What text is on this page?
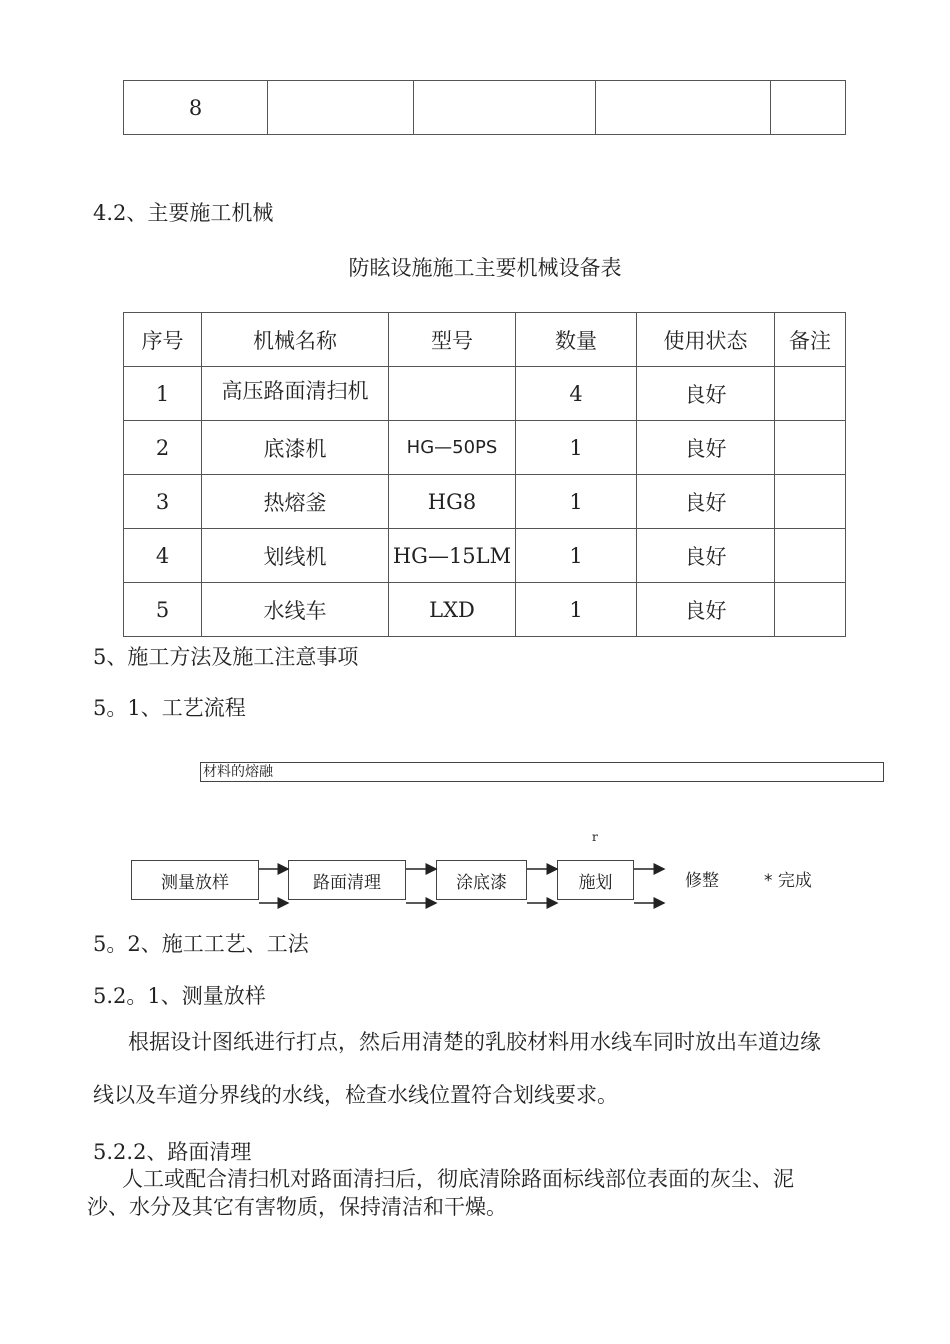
8				
4.2、主要施工机械
防眩设施施工主要机械设备表
序号	机械名称	型号	数量	使用状态	备注
1	高压路面清扫机		4	良好	
2	底漆机	HG—50PS	1	良好	
3	热熔釜	HG8	1	良好	
4	划线机	HG—15LM	1	良好	
5	水线车	LXD	1	良好	
5、施工方法及施工注意事项
5。1、工艺流程
材料的熔融
r
测量放样	路面清理	涂底漆	施划	修整	* 完成
5。2、施工工艺、工法
5.2。1、测量放样
根据设计图纸进行打点，然后用清楚的乳胶材料用水线车同时放出车道边缘
线以及车道分界线的水线，检查水线位置符合划线要求。
5.2.2、路面清理
人工或配合清扫机对路面清扫后，彻底清除路面标线部位表面的灰尘、泥
沙、水分及其它有害物质，保持清洁和干燥。
